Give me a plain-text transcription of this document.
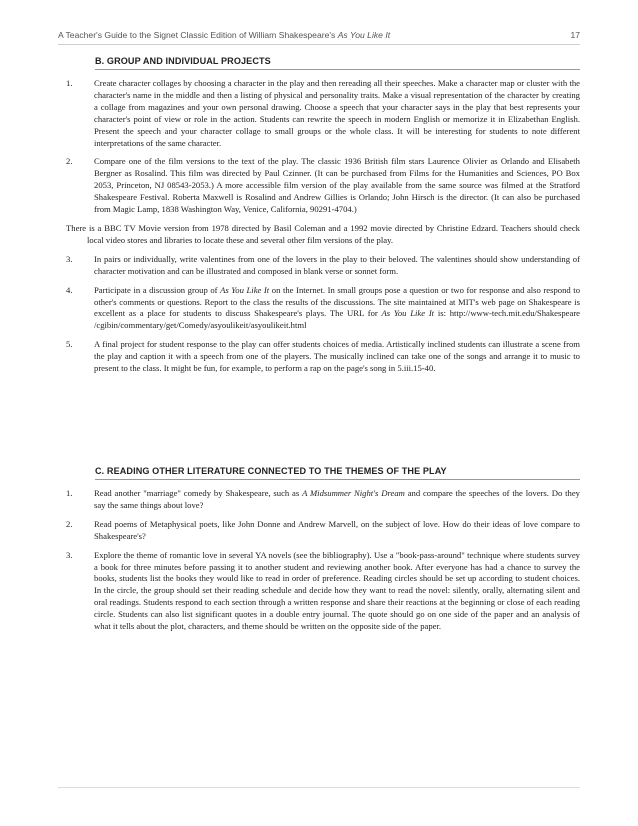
A Teacher's Guide to the Signet Classic Edition of William Shakespeare's As You Like It	17
B. GROUP AND INDIVIDUAL PROJECTS
1. Create character collages by choosing a character in the play and then rereading all their speeches. Make a character map or cluster with the character's name in the middle and then a listing of physical and personality traits. Make a visual representation of the character by creating a collage from magazines and your own personal drawing. Choose a speech that your character says in the play that best represents your character's point of view or role in the action. Students can rewrite the speech in modern English or memorize it in Elizabethan English. Present the speech and your character collage to small groups or the whole class. It will be interesting for students to note different interpretations of the same character.
2. Compare one of the film versions to the text of the play. The classic 1936 British film stars Laurence Olivier as Orlando and Elisabeth Bergner as Rosalind. This film was directed by Paul Czinner. (It can be purchased from Films for the Humanities and Sciences, PO Box 2053, Princeton, NJ 08543-2053.) A more accessible film version of the play available from the same source was filmed at the Stratford Shakespeare Festival. Roberta Maxwell is Rosalind and Andrew Gillies is Orlando; John Hirsch is the director. (It can also be purchased from Magic Lamp, 1838 Washington Way, Venice, California, 90291-4704.)
There is a BBC TV Movie version from 1978 directed by Basil Coleman and a 1992 movie directed by Christine Edzard. Teachers should check local video stores and libraries to locate these and several other film versions of the play.
3. In pairs or individually, write valentines from one of the lovers in the play to their beloved. The valentines should show understanding of character motivation and can be illustrated and composed in blank verse or sonnet form.
4. Participate in a discussion group of As You Like It on the Internet. In small groups pose a question or two for response and also respond to other's comments or questions. Report to the class the results of the discussions. The site maintained at MIT's web page on Shakespeare is excellent as a place for students to discuss Shakespeare's plays. The URL for As You Like It is: http://www-tech.mit.edu/Shakespeare /cgibin/commentary/get/Comedy/asyoulikeit/asyoulikeit.html
5. A final project for student response to the play can offer students choices of media. Artistically inclined students can illustrate a scene from the play and caption it with a speech from one of the players. The musically inclined can take one of the songs and arrange it to music to present to the class. It might be fun, for example, to perform a rap on the page's song in 5.iii.15-40.
C. READING OTHER LITERATURE CONNECTED TO THE THEMES OF THE PLAY
1. Read another "marriage" comedy by Shakespeare, such as A Midsummer Night's Dream and compare the speeches of the lovers. Do they say the same things about love?
2. Read poems of Metaphysical poets, like John Donne and Andrew Marvell, on the subject of love. How do their ideas of love compare to Shakespeare's?
3. Explore the theme of romantic love in several YA novels (see the bibliography). Use a "book-pass-around" technique where students survey a book for three minutes before passing it to another student and reviewing another book. After everyone has had a chance to survey the books, students list the books they would like to read in order of preference. Reading circles should be set up according to student choices. In the circle, the group should set their reading schedule and decide how they want to read the novel: silently, orally, alternating silent and oral readings. Students respond to each section through a written response and share their reactions at the beginning or close of each reading circle. Students can also list significant quotes in a double entry journal. The quote should go on one side of the paper and an analysis of what it tells about the plot, characters, and theme should be written on the opposite side of the paper.
